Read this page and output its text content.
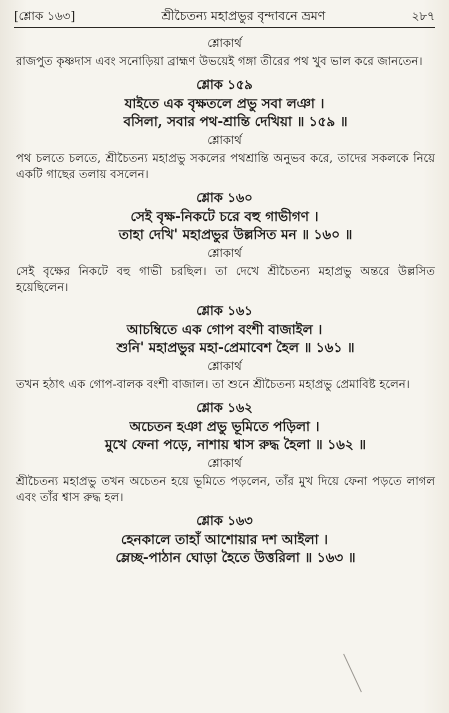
[শ্লোক ১৬৩]	শ্রীচৈতন্য মহাপ্রভুর বৃন্দাবনে ভ্রমণ	২৮৭
শ্লোকার্থ

রাজপুত কৃষ্ণদাস এবং সনোড়িয়া ব্রাহ্মণ উভয়েই গঙ্গা তীরের পথ খুব ভাল করে জানতেন।

শ্লোক ১৫৯
যাইতে এক বৃক্ষতলে প্রভু সবা লঞা ।
বসিলা, সবার পথ-শ্রান্তি দেখিয়া ॥ ১৫৯ ॥
শ্লোকার্থ

পথ চলতে চলতে, শ্রীচৈতন্য মহাপ্রভু সকলের পথশ্রান্তি অনুভব করে, তাদের সকলকে নিয়ে একটি গাছের তলায় বসলেন।

শ্লোক ১৬০
সেই বৃক্ষ-নিকটে চরে বহু গাভীগণ ।
তাহা দেখি' মহাপ্রভুর উল্লসিত মন ॥ ১৬০ ॥
শ্লোকার্থ

সেই বৃক্ষের নিকটে বহু গাভী চরছিল। তা দেখে শ্রীচৈতন্য মহাপ্রভু অন্তরে উল্লসিত হয়েছিলেন।

শ্লোক ১৬১
আচম্বিতে এক গোপ বংশী বাজাইল ।
শুনি' মহাপ্রভুর মহা-প্রেমাবেশ হৈল ॥ ১৬১ ॥
শ্লোকার্থ

তখন হঠাৎ এক গোপ-বালক বংশী বাজাল। তা শুনে শ্রীচৈতন্য মহাপ্রভু প্রেমাবিষ্ট হলেন।

শ্লোক ১৬২
অচেতন হঞা প্রভু ভূমিতে পড়িলা ।
মুখে ফেনা পড়ে, নাশায় শ্বাস রুদ্ধ হৈলা ॥ ১৬২ ॥
শ্লোকার্থ

শ্রীচৈতন্য মহাপ্রভু তখন অচেতন হয়ে ভূমিতে পড়লেন, তাঁর মুখ দিয়ে ফেনা পড়তে লাগল এবং তাঁর শ্বাস রুদ্ধ হল।

শ্লোক ১৬৩
হেনকালে তাহাঁ আশোয়ার দশ আইলা ।
ম্লেচ্ছ-পাঠান ঘোড়া হৈতে উত্তরিলা ॥ ১৬৩ ॥
